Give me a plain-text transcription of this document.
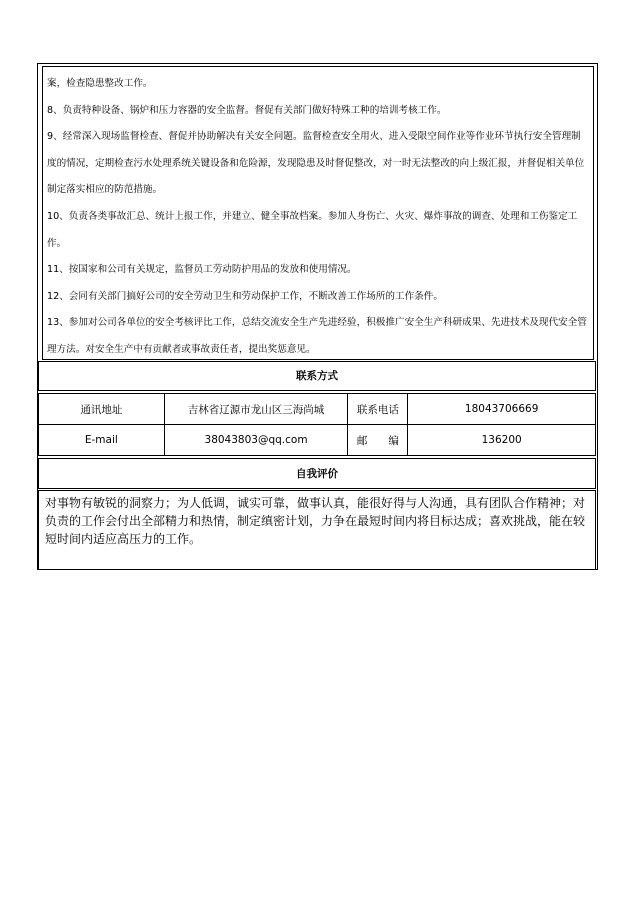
案，检查隐患整改工作。

8、负责特种设备、锅炉和压力容器的安全监督。督促有关部门做好特殊工种的培训考核工作。

9、经常深入现场监督检查、督促并协助解决有关安全问题。监督检查安全用火、进入受限空间作业等作业环节执行安全管理制度的情况，定期检查污水处理系统关键设备和危险源，发现隐患及时督促整改，对一时无法整改的向上级汇报，并督促相关单位制定落实相应的防范措施。

10、负责各类事故汇总、统计上报工作，并建立、健全事故档案。参加人身伤亡、火灾、爆炸事故的调查、处理和工伤鉴定工作。

11、按国家和公司有关规定，监督员工劳动防护用品的发放和使用情况。

12、会同有关部门搞好公司的安全劳动卫生和劳动保护工作，不断改善工作场所的工作条件。

13、参加对公司各单位的安全考核评比工作，总结交流安全生产先进经验，积极推广安全生产科研成果、先进技术及现代安全管理方法。对安全生产中有贡献者或事故责任者，提出奖惩意见。

联系方式
通讯地址	吉林省辽源市龙山区三海尚城	联系电话	18043706669
E-mail	38043803@qq.com	邮　　编	136200
自我评价
对事物有敏锐的洞察力；为人低调，诚实可靠，做事认真，能很好得与人沟通，具有团队合作精神；对负责的工作会付出全部精力和热情，制定缜密计划，力争在最短时间内将目标达成；喜欢挑战，能在较短时间内适应高压力的工作。
